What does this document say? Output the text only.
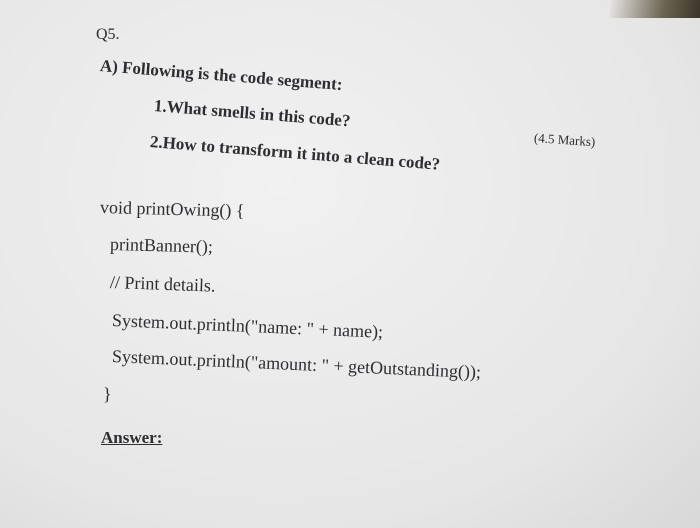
Q5.
A) Following is the code segment:
1.What smells in this code?
2.How to transform it into a clean code?	(4.5 Marks)
void printOwing() {
printBanner();
// Print details.
System.out.println("name: " + name);
System.out.println("amount: " + getOutstanding());
}
Answer:
